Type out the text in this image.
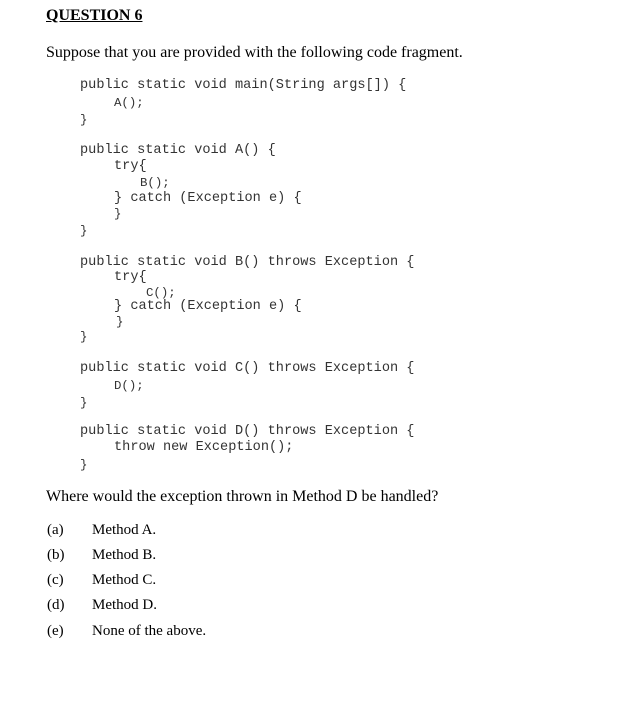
QUESTION 6

Suppose that you are provided with the following code fragment.

public static void main(String args[]) {
A();
}
public static void A() {
try{
B();
} catch (Exception e) {
}
}
public static void B() throws Exception {
try{
C();
} catch (Exception e) {
}
}
public static void C() throws Exception {
D();
}
public static void D() throws Exception {
throw new Exception();
}

Where would the exception thrown in Method D be handled?

(a) Method A.
(b) Method B.
(c) Method C.
(d) Method D.
(e) None of the above.
